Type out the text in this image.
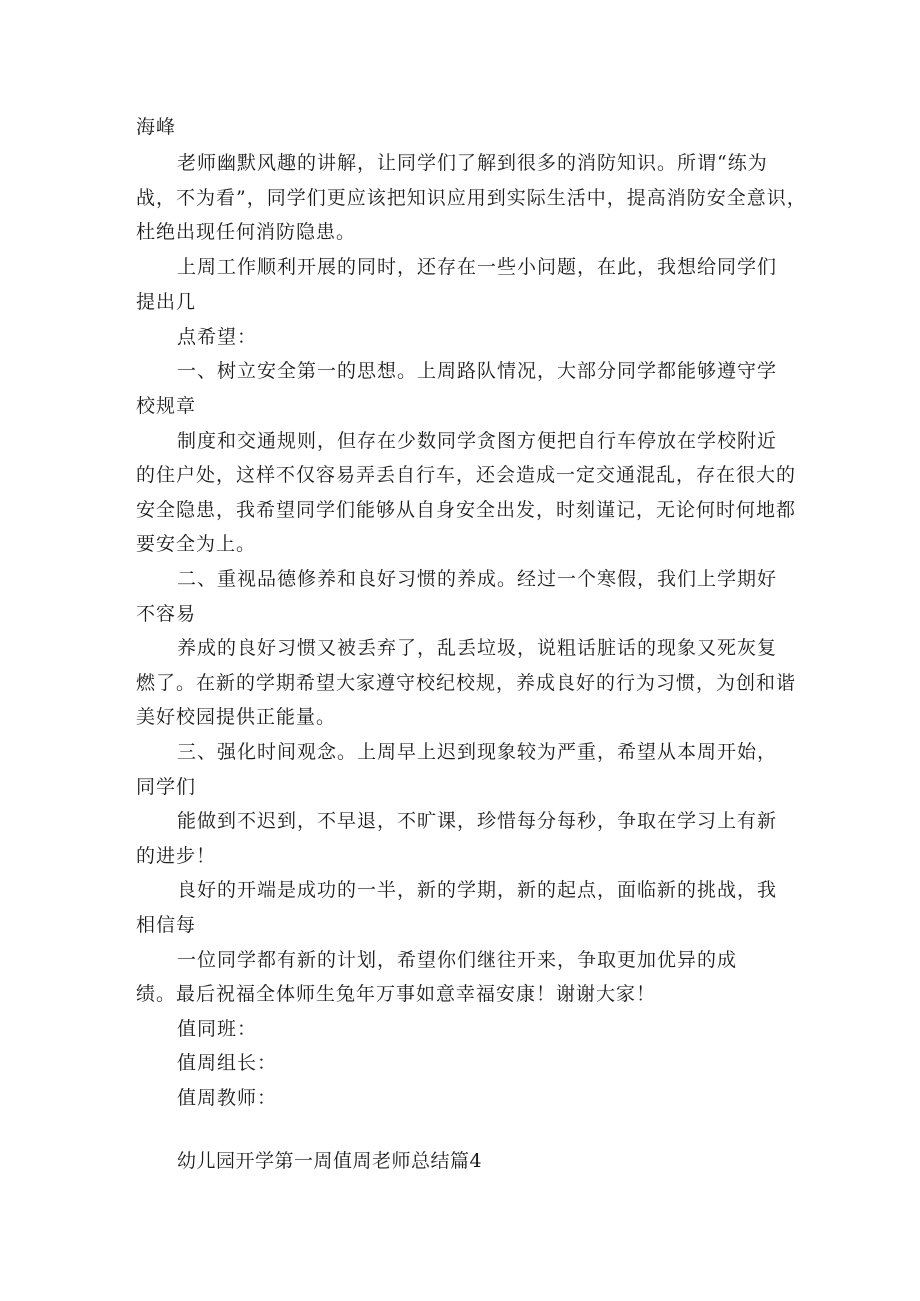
海峰
老师幽默风趣的讲解，让同学们了解到很多的消防知识。所谓“练为
战，不为看”，同学们更应该把知识应用到实际生活中，提高消防安全意识，
杜绝出现任何消防隐患。
上周工作顺利开展的同时，还存在一些小问题，在此，我想给同学们
提出几
点希望：
一、树立安全第一的思想。上周路队情况，大部分同学都能够遵守学
校规章
制度和交通规则，但存在少数同学贪图方便把自行车停放在学校附近
的住户处，这样不仅容易弄丢自行车，还会造成一定交通混乱，存在很大的
安全隐患，我希望同学们能够从自身安全出发，时刻谨记，无论何时何地都
要安全为上。
二、重视品德修养和良好习惯的养成。经过一个寒假，我们上学期好
不容易
养成的良好习惯又被丢弃了，乱丢垃圾，说粗话脏话的现象又死灰复
燃了。在新的学期希望大家遵守校纪校规，养成良好的行为习惯，为创和谐
美好校园提供正能量。
三、强化时间观念。上周早上迟到现象较为严重，希望从本周开始，
同学们
能做到不迟到，不早退，不旷课，珍惜每分每秒，争取在学习上有新
的进步！
良好的开端是成功的一半，新的学期，新的起点，面临新的挑战，我
相信每
一位同学都有新的计划，希望你们继往开来，争取更加优异的成
绩。最后祝福全体师生兔年万事如意幸福安康！谢谢大家！
值同班：
值周组长：
值周教师：
幼儿园开学第一周值周老师总结篇4
